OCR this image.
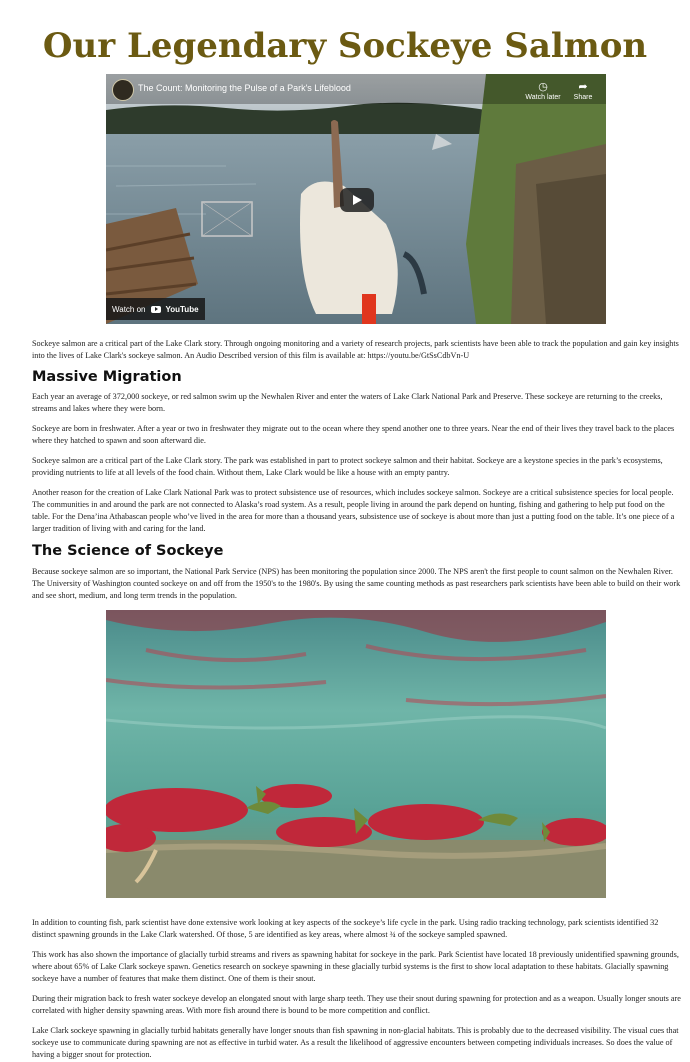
Our Legendary Sockeye Salmon
The Count: Monitoring the Pulse of a Park's Lifeblood	◷
Watch later
➦
Share
Watch on	YouTube

Sockeye salmon are a critical part of the Lake Clark story. Through ongoing monitoring and a variety of research projects, park scientists have been able to track the population and gain key insights into the lives of Lake Clark's sockeye salmon. An Audio Described version of this film is available at: https://youtu.be/GtSsCdbVn-U

Massive Migration

Each year an average of 372,000 sockeye, or red salmon swim up the Newhalen River and enter the waters of Lake Clark National Park and Preserve. These sockeye are returning to the creeks, streams and lakes where they were born.

Sockeye are born in freshwater. After a year or two in freshwater they migrate out to the ocean where they spend another one to three years. Near the end of their lives they travel back to the places where they hatched to spawn and soon afterward die.

Sockeye salmon are a critical part of the Lake Clark story. The park was established in part to protect sockeye salmon and their habitat. Sockeye are a keystone species in the park’s ecosystems, providing nutrients to life at all levels of the food chain. Without them, Lake Clark would be like a house with an empty pantry.

Another reason for the creation of Lake Clark National Park was to protect subsistence use of resources, which includes sockeye salmon. Sockeye are a critical subsistence species for local people. The communities in and around the park are not connected to Alaska’s road system. As a result, people living in around the park depend on hunting, fishing and gathering to help put food on the table. For the Dena’ina Athabascan people who’ve lived in the area for more than a thousand years, subsistence use of sockeye is about more than just a putting food on the table. It’s one piece of a larger tradition of living with and caring for the land.

The Science of Sockeye

Because sockeye salmon are so important, the National Park Service (NPS) has been monitoring the population since 2000. The NPS aren't the first people to count salmon on the Newhalen River. The University of Washington counted sockeye on and off from the 1950's to the 1980's. By using the same counting methods as past researchers park scientists have been able to build on their work and see short, medium, and long term trends in the population.

In addition to counting fish, park scientist have done extensive work looking at key aspects of the sockeye’s life cycle in the park. Using radio tracking technology, park scientists identified 32 distinct spawning grounds in the Lake Clark watershed. Of those, 5 are identified as key areas, where almost ¾ of the sockeye sampled spawned.

This work has also shown the importance of glacially turbid streams and rivers as spawning habitat for sockeye in the park. Park Scientist have located 18 previously unidentified spawning grounds, where about 65% of Lake Clark sockeye spawn. Genetics research on sockeye spawning in these glacially turbid systems is the first to show local adaptation to these habitats. Glacially spawning sockeye have a number of features that make them distinct. One of them is their snout.

During their migration back to fresh water sockeye develop an elongated snout with large sharp teeth. They use their snout during spawning for protection and as a weapon. Usually longer snouts are correlated with higher density spawning areas. With more fish around there is bound to be more competition and conflict.

Lake Clark sockeye spawning in glacially turbid habitats generally have longer snouts than fish spawning in non-glacial habitats. This is probably due to the decreased visibility. The visual cues that sockeye use to communicate during spawning are not as effective in turbid water. As a result the likelihood of aggressive encounters between competing individuals increases. So does the value of having a bigger snout for protection.
